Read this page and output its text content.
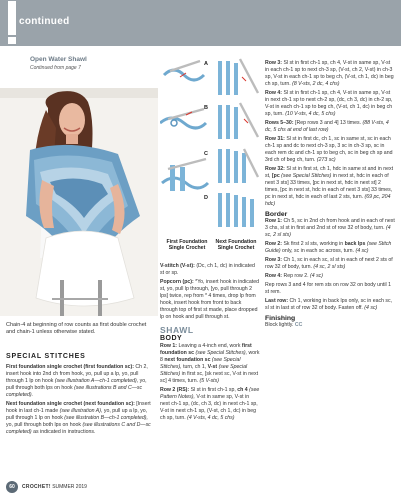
continued
Open Water Shawl
Continued from page 7
Chain-4 at beginning of row counts as first double crochet and chain-1 unless otherwise stated.
SPECIAL STITCHES

First foundation single crochet (first foundation sc): Ch 2, insert hook into 2nd ch from hook, yo, pull up a lp, yo, pull through 1 lp on hook (see illustration A—ch-1 completed), yo, pull through both lps on hook (see illustrations B and C—sc completed).

Next foundation single crochet (next foundation sc): [Insert hook in last ch-1 made (see illustration A), yo, pull up a lp, yo, pull through 1 lp on hook (see illustration B—ch-1 completed), yo, pull through both lps on hook (see illustrations C and D—sc completed) as indicated in instructions.

A
B
C
D
First Foundation
Single Crochet
Next Foundation
Single Crochet

V-stitch (V-st): (Dc, ch 1, dc) in indicated st or sp.

Popcorn (pc): *Yo, insert hook in indicated st, yo, pull lp through, [yo, pull through 2 lps] twice, rep from * 4 times, drop lp from hook, insert hook from front to back through top of first st made, place dropped lp on hook and pull through st.

SHAWL
BODY

Row 1: Leaving a 4-inch end, work first foundation sc (see Special Stitches), work 8 next foundation sc (see Special Stitches), turn, ch 1, V-st (see Special Stitches) in first sc, [sk next sc, V-st in next sc] 4 times, turn. (5 V-sts)

Row 2 (RS): Sl st in first ch-1 sp, ch 4 (see Pattern Notes), V-st in same sp, V-st in next ch-1 sp, (dc, ch 3, dc) in next ch-1 sp, V-st in next ch-1 sp, (V-st, ch 1, dc) in beg ch sp, turn. (4 V-sts, 4 dc, 5 chs)

Row 3: Sl st in first ch-1 sp, ch 4, V-st in same sp, V-st in each ch-1 sp to next ch-3 sp, (V-st, ch 2, V-st) in ch-3 sp, V-st in each ch-1 sp to beg ch, (V-st, ch 1, dc) in beg ch sp, turn. (8 V-sts, 2 dc, 4 chs)

Row 4: Sl st in first ch-1 sp, ch 4, V-st in same sp, V-st in next ch-1 sp to next ch-2 sp, (dc, ch 3, dc) in ch-2 sp, V-st in each ch-1 sp to beg ch, (V-st, ch 1, dc) in beg ch sp, turn. (10 V-sts, 4 dc, 5 chs)

Rows 5–30: [Rep rows 3 and 4] 13 times. (88 V-sts, 4 dc, 5 chs at end of last row)

Row 31: Sl st in first dc, ch 1, sc in same st, sc in each ch-1 sp and dc to next ch-3 sp, 3 sc in ch-3 sp, sc in each rem dc and ch-1 sp to beg ch, sc in beg ch sp and 3rd ch of beg ch, turn. (273 sc)

Row 32: Sl st in first st, ch 1, hdc in same st and in next st, [pc (see Special Stitches) in next st, hdc in each of next 3 sts] 33 times, [pc in next st, hdc in next st] 2 times, [pc in next st, hdc in each of next 3 sts] 33 times, pc in next st, hdc in each of last 2 sts, turn. (69 pc, 204 hdc)

Border

Row 1: Ch 5, sc in 2nd ch from hook and in each of next 3 chs, sl st in first and 2nd st of row 32 of body, turn. (4 sc, 2 sl sts)

Row 2: Sk first 2 sl sts, working in back lps (see Stitch Guide) only, sc in each sc across, turn. (4 sc)

Row 3: Ch 1, sc in each sc, sl st in each of next 2 sts of row 32 of body, turn. (4 sc, 2 sl sts)

Row 4: Rep row 2. (4 sc)

Rep rows 3 and 4 for rem sts on row 32 on body until 1 st rem.

Last row: Ch 1, working in back lps only, sc in each sc, sl st in last st of row 32 of body. Fasten off. (4 sc)

Finishing

Block lightly. CC

60	CROCHET! SUMMER 2019
